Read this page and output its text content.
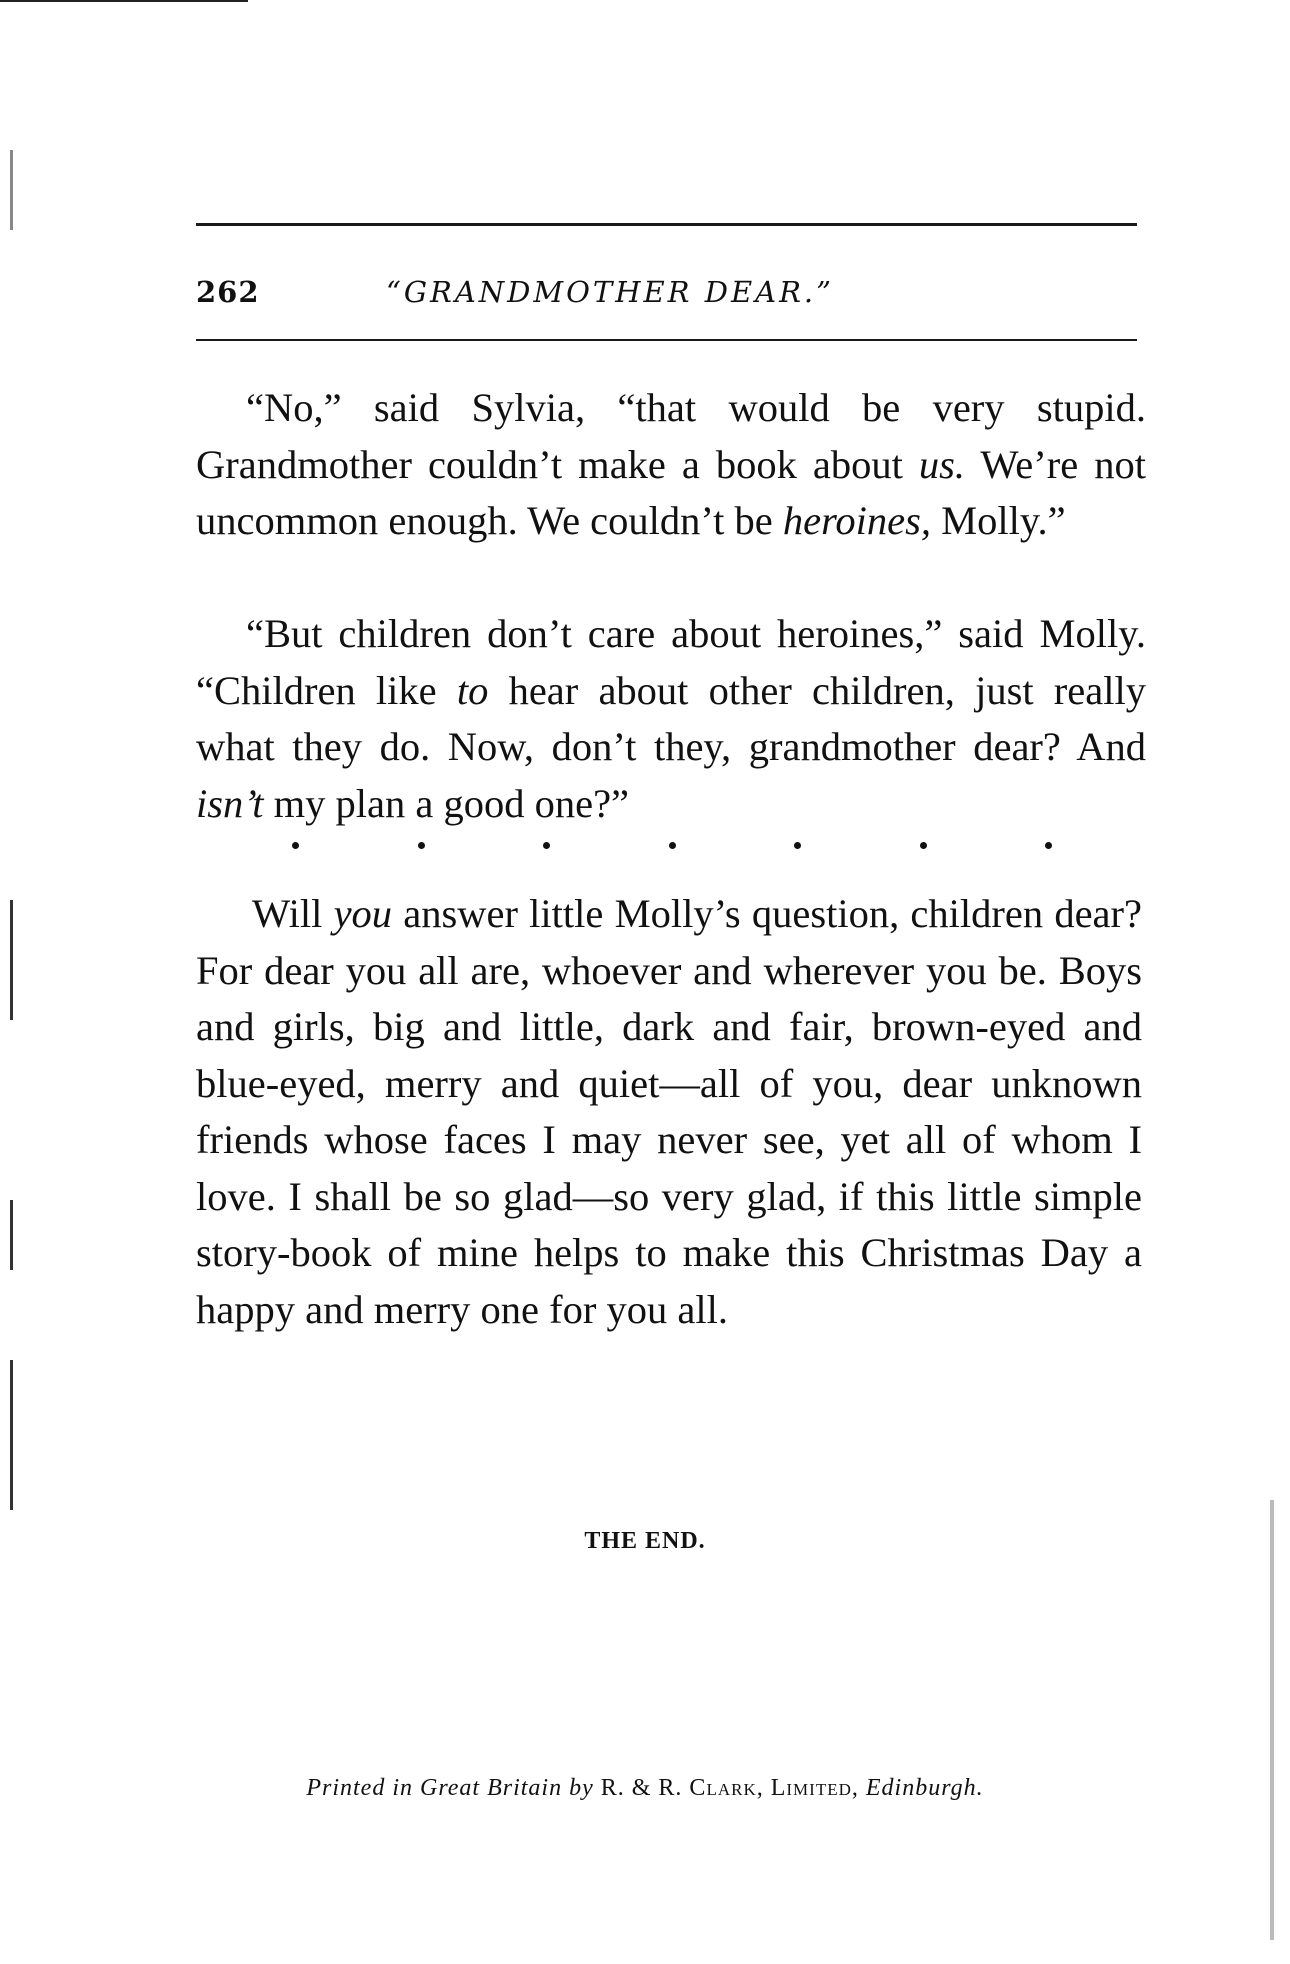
262	“GRANDMOTHER DEAR.”

“No,” said Sylvia, “that would be very stupid. Grandmother couldn’t make a book about us. We’re not uncommon enough. We couldn’t be heroines, Molly.”

“But children don’t care about heroines,” said Molly. “Children like to hear about other children, just really what they do. Now, don’t they, grandmother dear? And isn’t my plan a good one?”

Will you answer little Molly’s question, children dear? For dear you all are, whoever and wherever you be. Boys and girls, big and little, dark and fair, brown-eyed and blue-eyed, merry and quiet—all of you, dear unknown friends whose faces I may never see, yet all of whom I love. I shall be so glad—so very glad, if this little simple story-book of mine helps to make this Christmas Day a happy and merry one for you all.

THE END.
Printed in Great Britain by R. & R. Clark, Limited, Edinburgh.
